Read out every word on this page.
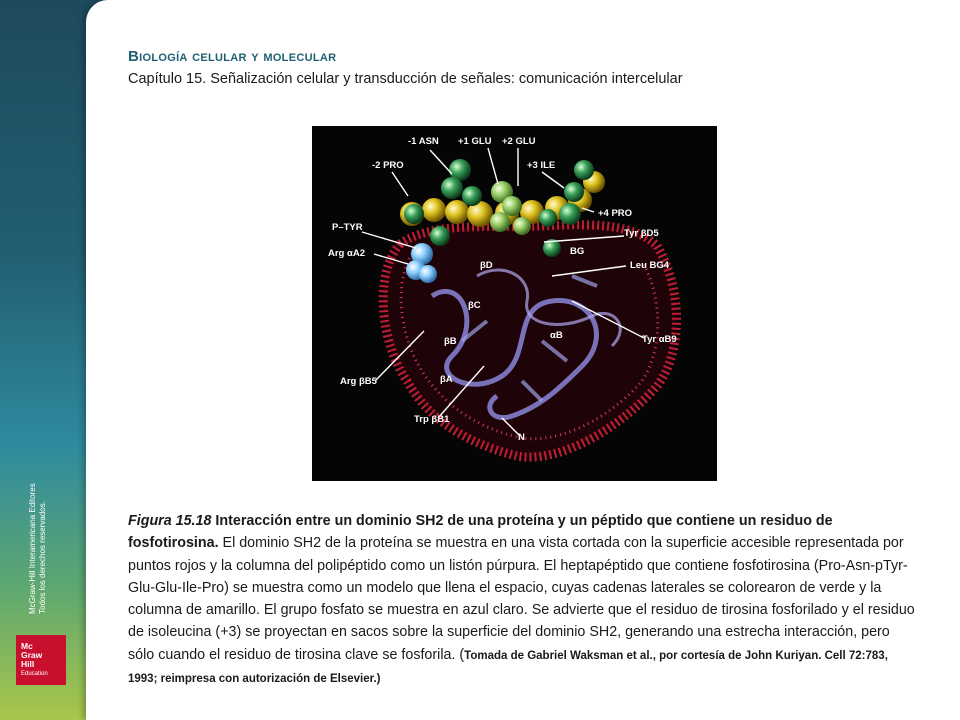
Biología celular y molecular

Capítulo 15. Señalización celular y transducción de señales: comunicación intercelular

-1 ASN +1 GLU +2 GLU
-2 PRO	+3 ILE
+4 PRO
P–TYR
Tyr βD5
Arg αA2	BG
βD	Leu BG4
βC
αB
βB	Tyr αB9
Arg βB5	βA
Trp βB1
N

Figura 15.18 Interacción entre un dominio SH2 de una proteína y un péptido que contiene un residuo de fosfotirosina. El dominio SH2 de la proteína se muestra en una vista cortada con la superficie accesible representada por puntos rojos y la columna del polipéptido como un listón púrpura. El heptapéptido que contiene fosfotirosina (Pro-Asn-pTyr-Glu-Glu-Ile-Pro) se muestra como un modelo que llena el espacio, cuyas cadenas laterales se colorearon de verde y la columna de amarillo. El grupo fosfato se muestra en azul claro. Se advierte que el residuo de tirosina fosforilado y el residuo de isoleucina (+3) se proyectan en sacos sobre la superficie del dominio SH2, generando una estrecha interacción, pero sólo cuando el residuo de tirosina clave se fosforila. (Tomada de Gabriel Waksman et al., por cortesía de John Kuriyan. Cell 72:783, 1993; reimpresa con autorización de Elsevier.)

McGraw-Hill Interamericana Editores Todos los derechos reservados.
Mc
Graw
Hill
Education
